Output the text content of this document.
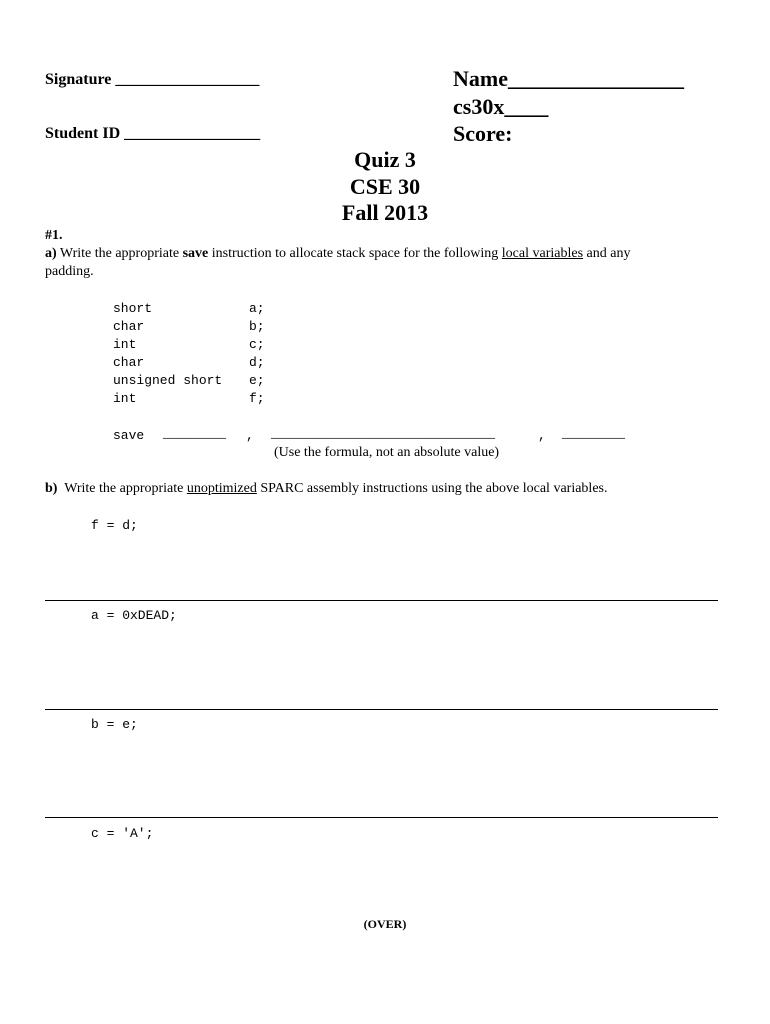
Signature __________________
Student ID _________________
Name________________
cs30x____
Score:
Quiz 3
CSE 30
Fall 2013
#1.
a) Write the appropriate save instruction to allocate stack space for the following local variables and any
padding.
short	a;
char	b;
int	c;
char	d;
unsigned short e;
int	f;
save _________ , ________________________________	, _________
(Use the formula, not an absolute value)
b)  Write the appropriate unoptimized SPARC assembly instructions using the above local variables.
f = d;
a = 0xDEAD;
b = e;
c = 'A';
(OVER)
